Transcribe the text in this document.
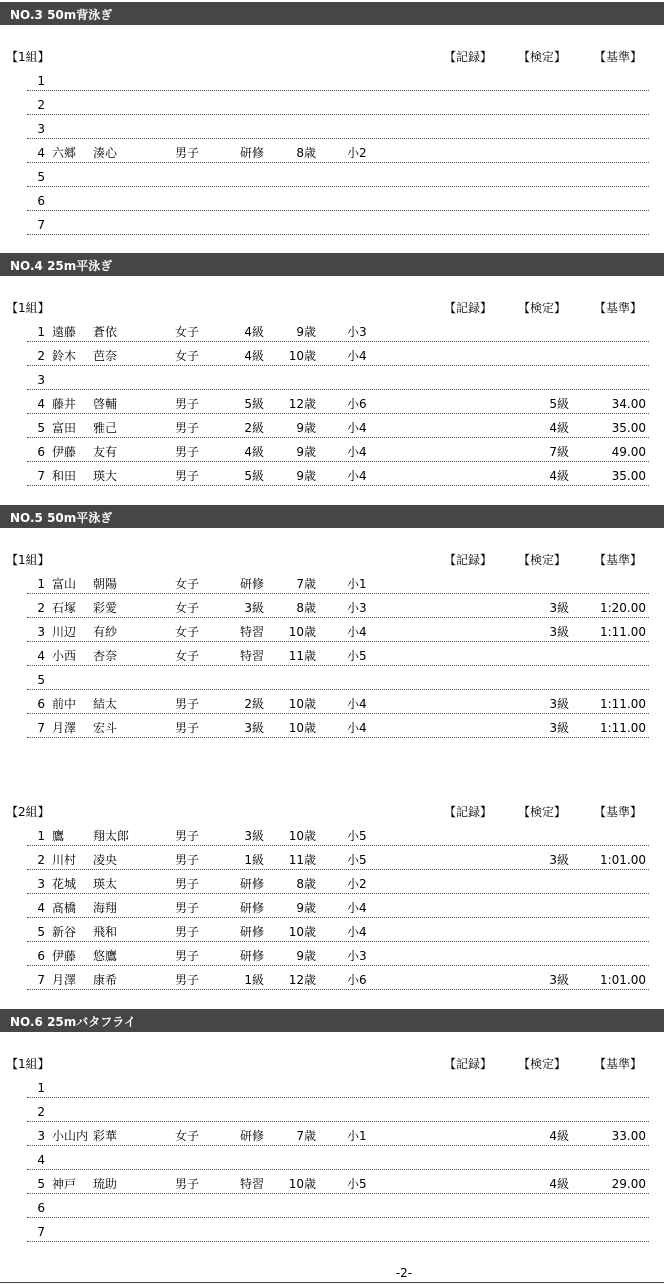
NO.3 50m背泳ぎ
【1組】	【記録】 【検定】 【基準】
1
2
3
4 六郷 湊心	男子	研修	8歳	小2
5
6
7
NO.4 25m平泳ぎ
【1組】	【記録】 【検定】 【基準】
1 遠藤 蒼依	女子	4級	9歳	小3
2 鈴木 芭奈	女子	4級	10歳	小4
3
4 藤井 啓輔	男子	5級	12歳	小6	5級	34.00
5 富田 雅己	男子	2級	9歳	小4	4級	35.00
6 伊藤 友有	男子	4級	9歳	小4	7級	49.00
7 和田 瑛大	男子	5級	9歳	小4	4級	35.00
NO.5 50m平泳ぎ
【1組】	【記録】 【検定】 【基準】
1 富山 朝陽	女子	研修	7歳	小1
2 石塚 彩愛	女子	3級	8歳	小3	3級	1:20.00
3 川辺 有紗	女子	特習	10歳	小4	3級	1:11.00
4 小西 杏奈	女子	特習	11歳	小5
5
6 前中 結太	男子	2級	10歳	小4	3級	1:11.00
7 月澤 宏斗	男子	3級	10歳	小4	3級	1:11.00
【2組】	【記録】 【検定】 【基準】
1 鷹 翔太郎	男子	3級	10歳	小5
2 川村 凌央	男子	1級	11歳	小5	3級	1:01.00
3 花城 瑛太	男子	研修	8歳	小2
4 髙橋 海翔	男子	研修	9歳	小4
5 新谷 飛和	男子	研修	10歳	小4
6 伊藤 悠鷹	男子	研修	9歳	小3
7 月澤 康希	男子	1級	12歳	小6	3級	1:01.00
NO.6 25mバタフライ
【1組】	【記録】 【検定】 【基準】
1
2
3 小山内 彩華	女子	研修	7歳	小1	4級	33.00
4
5 神戸 琉助	男子	特習	10歳	小5	4級	29.00
6
7
-2-
